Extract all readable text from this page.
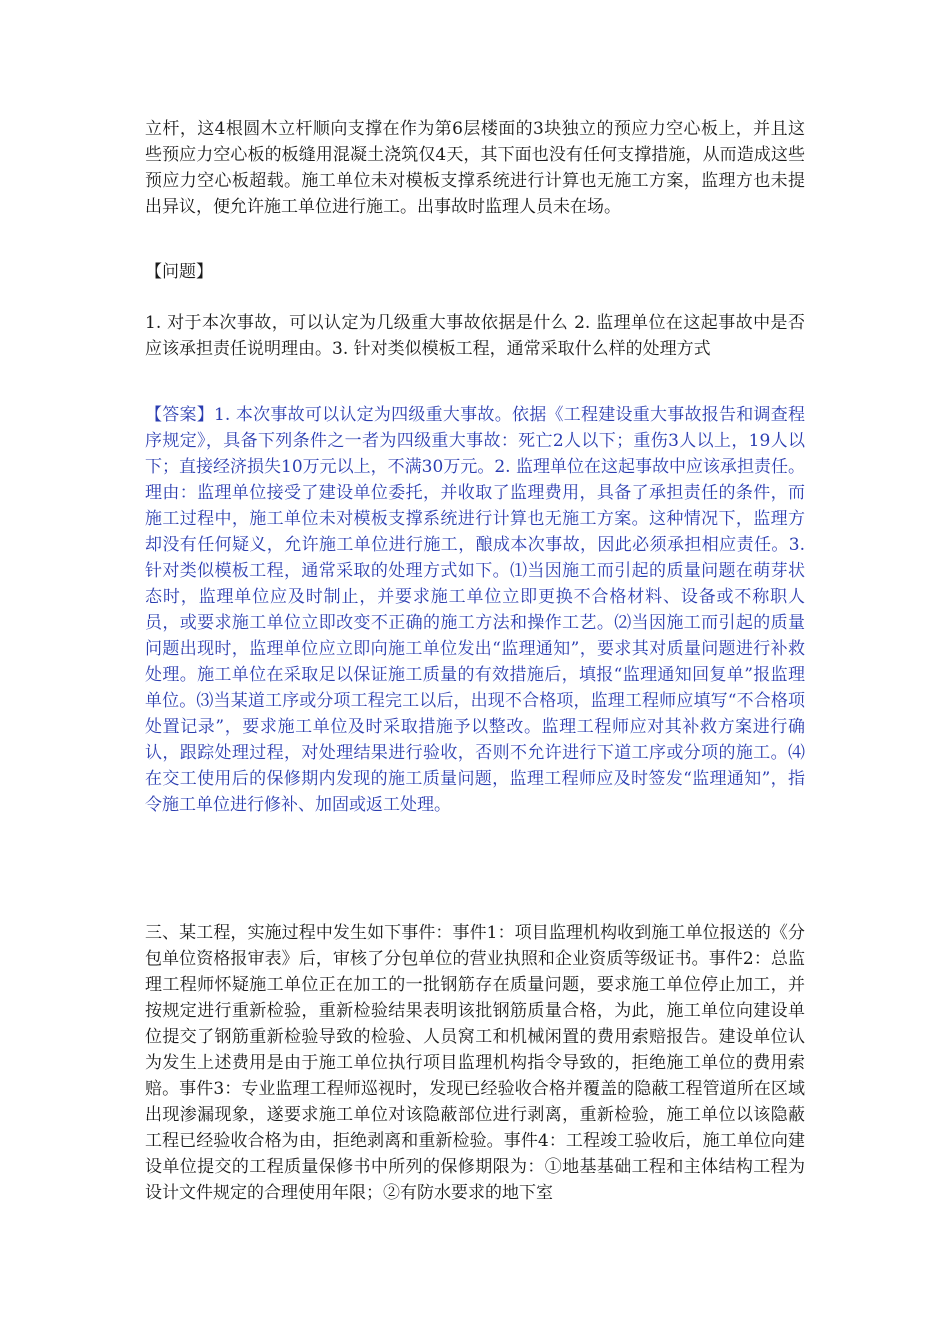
立杆，这4根圆木立杆顺向支撑在作为第6层楼面的3块独立的预应力空心板上，并且这些预应力空心板的板缝用混凝土浇筑仅4天，其下面也没有任何支撑措施，从而造成这些预应力空心板超载。施工单位未对模板支撑系统进行计算也无施工方案，监理方也未提出异议，便允许施工单位进行施工。出事故时监理人员未在场。

【问题】

1. 对于本次事故，可以认定为几级重大事故依据是什么 2. 监理单位在这起事故中是否应该承担责任说明理由。3. 针对类似模板工程，通常采取什么样的处理方式

【答案】1. 本次事故可以认定为四级重大事故。依据《工程建设重大事故报告和调查程序规定》，具备下列条件之一者为四级重大事故：死亡2人以下；重伤3人以上，19人以下；直接经济损失10万元以上，不满30万元。2. 监理单位在这起事故中应该承担责任。理由：监理单位接受了建设单位委托，并收取了监理费用，具备了承担责任的条件，而施工过程中，施工单位未对模板支撑系统进行计算也无施工方案。这种情况下，监理方却没有任何疑义，允许施工单位进行施工，酿成本次事故，因此必须承担相应责任。3. 针对类似模板工程，通常采取的处理方式如下。⑴当因施工而引起的质量问题在萌芽状态时，监理单位应及时制止，并要求施工单位立即更换不合格材料、设备或不称职人员，或要求施工单位立即改变不正确的施工方法和操作工艺。⑵当因施工而引起的质量问题出现时，监理单位应立即向施工单位发出“监理通知”，要求其对质量问题进行补救处理。施工单位在采取足以保证施工质量的有效措施后，填报“监理通知回复单”报监理单位。⑶当某道工序或分项工程完工以后，出现不合格项，监理工程师应填写“不合格项处置记录”，要求施工单位及时采取措施予以整改。监理工程师应对其补救方案进行确认，跟踪处理过程，对处理结果进行验收，否则不允许进行下道工序或分项的施工。⑷在交工使用后的保修期内发现的施工质量问题，监理工程师应及时签发“监理通知”，指令施工单位进行修补、加固或返工处理。

三、某工程，实施过程中发生如下事件：事件1：项目监理机构收到施工单位报送的《分包单位资格报审表》后，审核了分包单位的营业执照和企业资质等级证书。事件2：总监理工程师怀疑施工单位正在加工的一批钢筋存在质量问题，要求施工单位停止加工，并按规定进行重新检验，重新检验结果表明该批钢筋质量合格，为此，施工单位向建设单位提交了钢筋重新检验导致的检验、人员窝工和机械闲置的费用索赔报告。建设单位认为发生上述费用是由于施工单位执行项目监理机构指令导致的，拒绝施工单位的费用索赔。事件3：专业监理工程师巡视时，发现已经验收合格并覆盖的隐蔽工程管道所在区域出现渗漏现象，遂要求施工单位对该隐蔽部位进行剥离，重新检验，施工单位以该隐蔽工程已经验收合格为由，拒绝剥离和重新检验。事件4：工程竣工验收后，施工单位向建设单位提交的工程质量保修书中所列的保修期限为：①地基基础工程和主体结构工程为设计文件规定的合理使用年限；②有防水要求的地下室
